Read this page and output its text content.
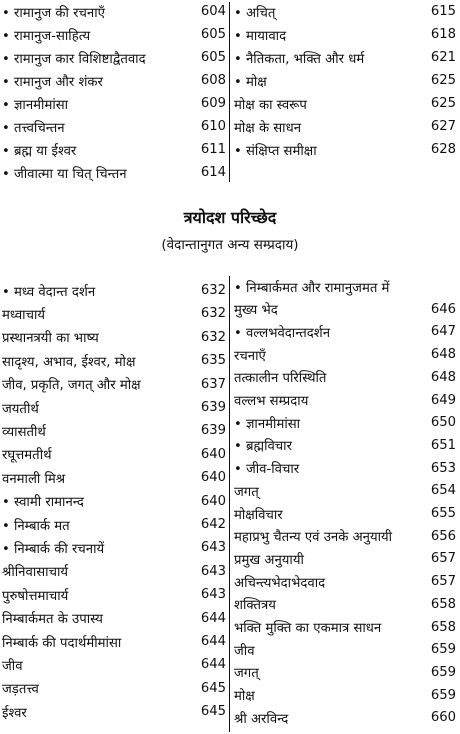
• रामानुज की रचनाएँ	604
• रामानुज-साहित्य	605
• रामानुज कार विशिष्टाद्वैतवाद	605
• रामानुज और शंकर	608
• ज्ञानमीमांसा	609
• तत्त्वचिन्तन	610
• ब्रह्म या ईश्वर	611
• जीवात्मा या चित् चिन्तन	614
• अचित्	615
• मायावाद	618
• नैतिकता, भक्ति और धर्म	621
• मोक्ष	625
मोक्ष का स्वरूप	625
मोक्ष के साधन	627
• संक्षिप्त समीक्षा	628
त्रयोदश परिच्छेद
(वेदान्तानुगत अन्य सम्प्रदाय)
• मध्व वेदान्त दर्शन	632
मध्वाचार्य	632
प्रस्थानत्रयी का भाष्य	632
सादृश्य, अभाव, ईश्वर, मोक्ष	635
जीव, प्रकृति, जगत् और मोक्ष	637
जयतीर्थ	639
व्यासतीर्थ	639
रघूत्तमतीर्थ	640
वनमाली मिश्र	640
• स्वामी रामानन्द	640
• निम्बार्क मत	642
• निम्बार्क की रचनायें	643
श्रीनिवासाचार्य	643
पुरुषोत्तमाचार्य	643
निम्बार्कमत के उपास्य	644
निम्बार्क की पदार्थमीमांसा	644
जीव	644
जड़तत्त्व	645
ईश्वर	645
• निम्बार्कमत और रामानुजमत में
मुख्य भेद	646
• वल्लभवेदान्तदर्शन	647
रचनाएँ	648
तत्कालीन परिस्थिति	648
वल्लभ सम्प्रदाय	649
• ज्ञानमीमांसा	650
• ब्रह्मविचार	651
• जीव-विचार	653
जगत्	654
मोक्षविचार	655
महाप्रभु चैतन्य एवं उनके अनुयायी	656
प्रमुख अनुयायी	657
अचिन्त्यभेदाभेदवाद	657
शक्तित्रय	658
भक्ति मुक्ति का एकमात्र साधन	658
जीव	659
जगत्	659
मोक्ष	659
श्री अरविन्द	660
